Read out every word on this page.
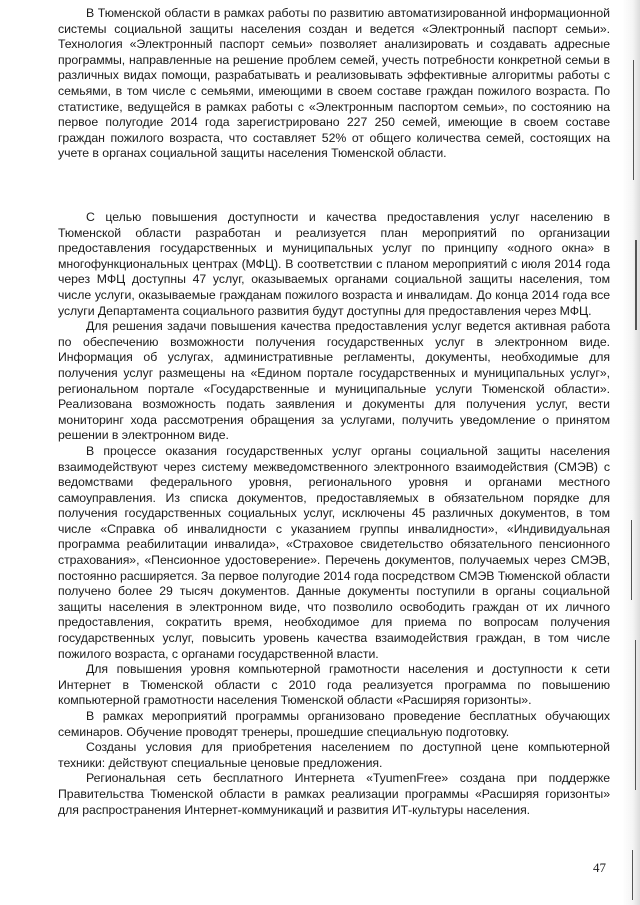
В Тюменской области в рамках работы по развитию автоматизированной информационной системы социальной защиты населения создан и ведется «Электронный паспорт семьи». Технология «Электронный паспорт семьи» позволяет анализировать и создавать адресные программы, направленные на решение проблем семей, учесть потребности конкретной семьи в различных видах помощи, разрабатывать и реализовывать эффективные алгоритмы работы с семьями, в том числе с семьями, имеющими в своем составе граждан пожилого возраста. По статистике, ведущейся в рамках работы с «Электронным паспортом семьи», по состоянию на первое полугодие 2014 года зарегистрировано 227 250 семей, имеющие в своем составе граждан пожилого возраста, что составляет 52% от общего количества семей, состоящих на учете в органах социальной защиты населения Тюменской области.

С целью повышения доступности и качества предоставления услуг населению в Тюменской области разработан и реализуется план мероприятий по организации предоставления государственных и муниципальных услуг по принципу «одного окна» в многофункциональных центрах (МФЦ). В соответствии с планом мероприятий с июля 2014 года через МФЦ доступны 47 услуг, оказываемых органами социальной защиты населения, том числе услуги, оказываемые гражданам пожилого возраста и инвалидам. До конца 2014 года все услуги Департамента социального развития будут доступны для предоставления через МФЦ.

Для решения задачи повышения качества предоставления услуг ведется активная работа по обеспечению возможности получения государственных услуг в электронном виде. Информация об услугах, административные регламенты, документы, необходимые для получения услуг размещены на «Едином портале государственных и муниципальных услуг», региональном портале «Государственные и муниципальные услуги Тюменской области». Реализована возможность подать заявления и документы для получения услуг, вести мониторинг хода рассмотрения обращения за услугами, получить уведомление о принятом решении в электронном виде.

В процессе оказания государственных услуг органы социальной защиты населения взаимодействуют через систему межведомственного электронного взаимодействия (СМЭВ) с ведомствами федерального уровня, регионального уровня и органами местного самоуправления. Из списка документов, предоставляемых в обязательном порядке для получения государственных социальных услуг, исключены 45 различных документов, в том числе «Справка об инвалидности с указанием группы инвалидности», «Индивидуальная программа реабилитации инвалида», «Страховое свидетельство обязательного пенсионного страхования», «Пенсионное удостоверение». Перечень документов, получаемых через СМЭВ, постоянно расширяется. За первое полугодие 2014 года посредством СМЭВ Тюменской области получено более 29 тысяч документов. Данные документы поступили в органы социальной защиты населения в электронном виде, что позволило освободить граждан от их личного предоставления, сократить время, необходимое для приема по вопросам получения государственных услуг, повысить уровень качества взаимодействия граждан, в том числе пожилого возраста, с органами государственной власти.

Для повышения уровня компьютерной грамотности населения и доступности к сети Интернет в Тюменской области с 2010 года реализуется программа по повышению компьютерной грамотности населения Тюменской области «Расширяя горизонты».

В рамках мероприятий программы организовано проведение бесплатных обучающих семинаров. Обучение проводят тренеры, прошедшие специальную подготовку.

Созданы условия для приобретения населением по доступной цене компьютерной техники: действуют специальные ценовые предложения.

Региональная сеть бесплатного Интернета «TyumenFree» создана при поддержке Правительства Тюменской области в рамках реализации программы «Расширяя горизонты» для распространения Интернет-коммуникаций и развития ИТ-культуры населения.

47
